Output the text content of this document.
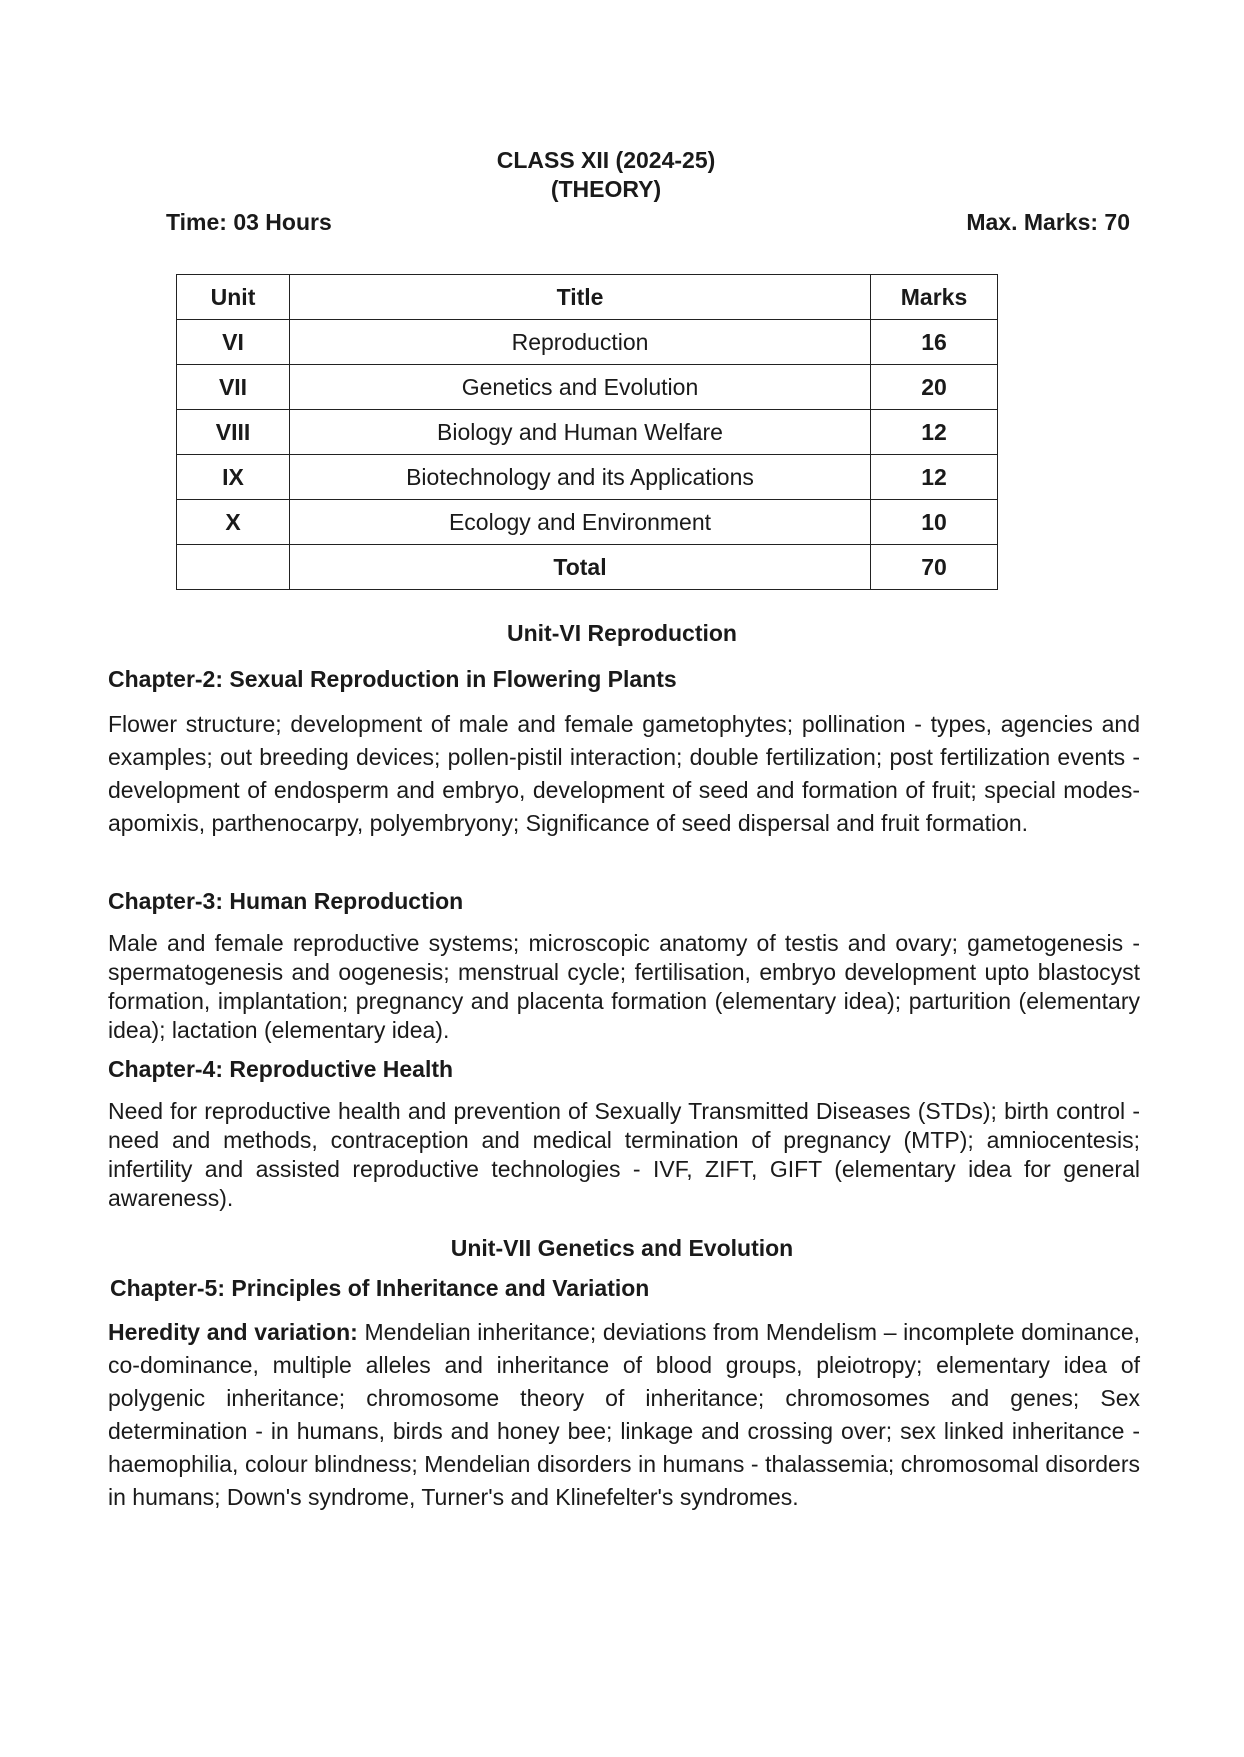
CLASS XII (2024-25)
(THEORY)
Time: 03 Hours	Max. Marks: 70
Unit	Title	Marks
VI	Reproduction	16
VII	Genetics and Evolution	20
VIII	Biology and Human Welfare	12
IX	Biotechnology and its Applications	12
X	Ecology and Environment	10
	Total	70
Unit-VI Reproduction
Chapter-2: Sexual Reproduction in Flowering Plants
Flower structure; development of male and female gametophytes; pollination - types, agencies and examples; out breeding devices; pollen-pistil interaction; double fertilization; post fertilization events - development of endosperm and embryo, development of seed and formation of fruit; special modes- apomixis, parthenocarpy, polyembryony; Significance of seed dispersal and fruit formation.
Chapter-3: Human Reproduction
Male and female reproductive systems; microscopic anatomy of testis and ovary; gametogenesis -spermatogenesis and oogenesis; menstrual cycle; fertilisation, embryo development upto blastocyst formation, implantation; pregnancy and placenta formation (elementary idea); parturition (elementary idea); lactation (elementary idea).
Chapter-4: Reproductive Health
Need for reproductive health and prevention of Sexually Transmitted Diseases (STDs); birth control - need and methods, contraception and medical termination of pregnancy (MTP); amniocentesis; infertility and assisted reproductive technologies - IVF, ZIFT, GIFT (elementary idea for general awareness).
Unit-VII Genetics and Evolution
Chapter-5: Principles of Inheritance and Variation
Heredity and variation: Mendelian inheritance; deviations from Mendelism – incomplete dominance, co-dominance, multiple alleles and inheritance of blood groups, pleiotropy; elementary idea of polygenic inheritance; chromosome theory of inheritance; chromosomes and genes; Sex determination - in humans, birds and honey bee; linkage and crossing over; sex linked inheritance - haemophilia, colour blindness; Mendelian disorders in humans - thalassemia; chromosomal disorders in humans; Down's syndrome, Turner's and Klinefelter's syndromes.
